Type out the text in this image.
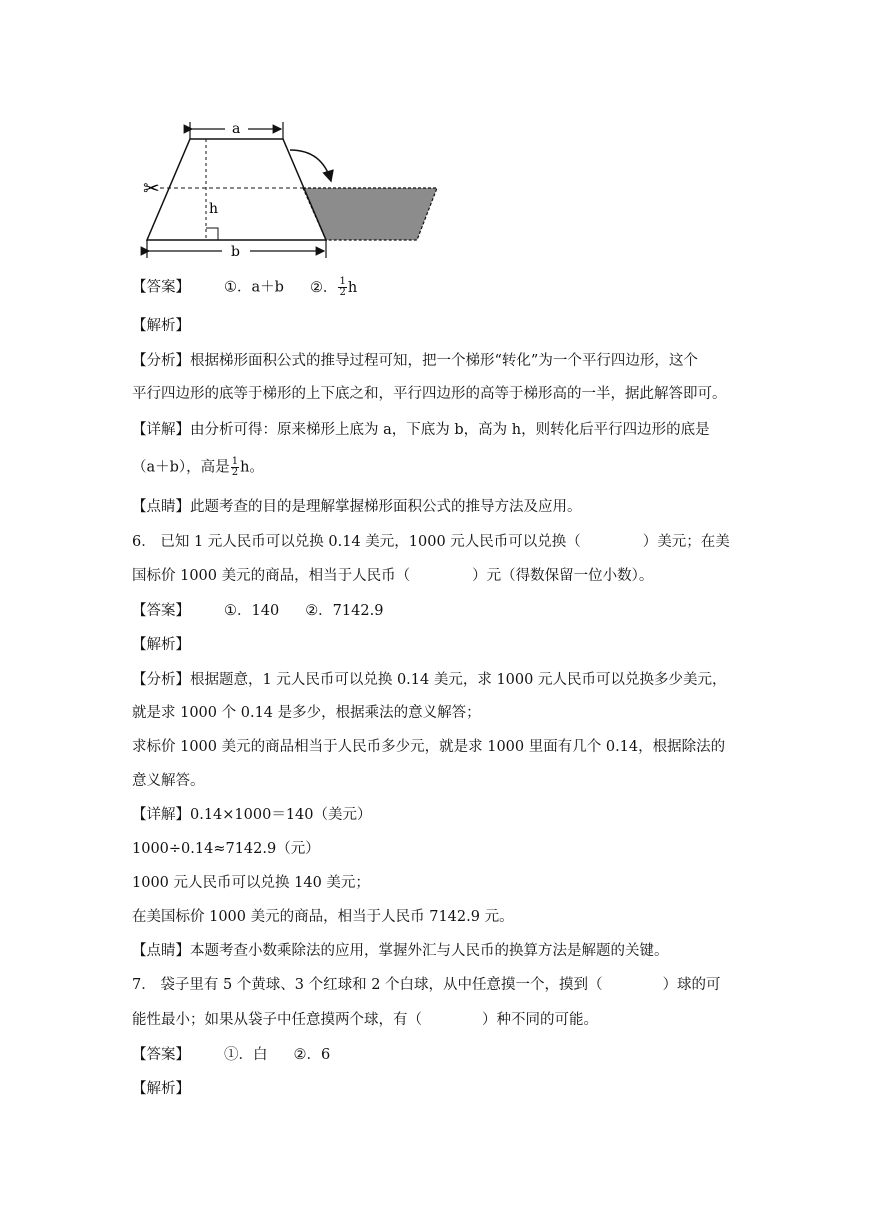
a
h
b
✂
【答案】 ①．a＋b ②． $\frac{1}{2}$ h
【解析】
【分析】根据梯形面积公式的推导过程可知，把一个梯形“转化”为一个平行四边形，这个
平行四边形的底等于梯形的上下底之和，平行四边形的高等于梯形高的一半，据此解答即可。
【详解】由分析可得：原来梯形上底为 a，下底为 b，高为 h，则转化后平行四边形的底是
（a＋b），高是 $\frac{1}{2}$ h。
【点睛】此题考查的目的是理解掌握梯形面积公式的推导方法及应用。
6． 已知 1 元人民币可以兑换 0.14 美元，1000 元人民币可以兑换（	）美元；在美
国标价 1000 美元的商品，相当于人民币（	）元（得数保留一位小数）。
【答案】 ①．140 ②．7142.9
【解析】
【分析】根据题意，1 元人民币可以兑换 0.14 美元，求 1000 元人民币可以兑换多少美元，
就是求 1000 个 0.14 是多少，根据乘法的意义解答；
求标价 1000 美元的商品相当于人民币多少元，就是求 1000 里面有几个 0.14，根据除法的
意义解答。
【详解】0.14×1000＝140（美元）
1000÷0.14≈7142.9（元）
1000 元人民币可以兑换 140 美元；
在美国标价 1000 美元的商品，相当于人民币 7142.9 元。
【点睛】本题考查小数乘除法的应用，掌握外汇与人民币的换算方法是解题的关键。
7． 袋子里有 5 个黄球、3 个红球和 2 个白球，从中任意摸一个，摸到（	）球的可
能性最小；如果从袋子中任意摸两个球，有（	）种不同的可能。
【答案】 ①．白 ②．6
【解析】
